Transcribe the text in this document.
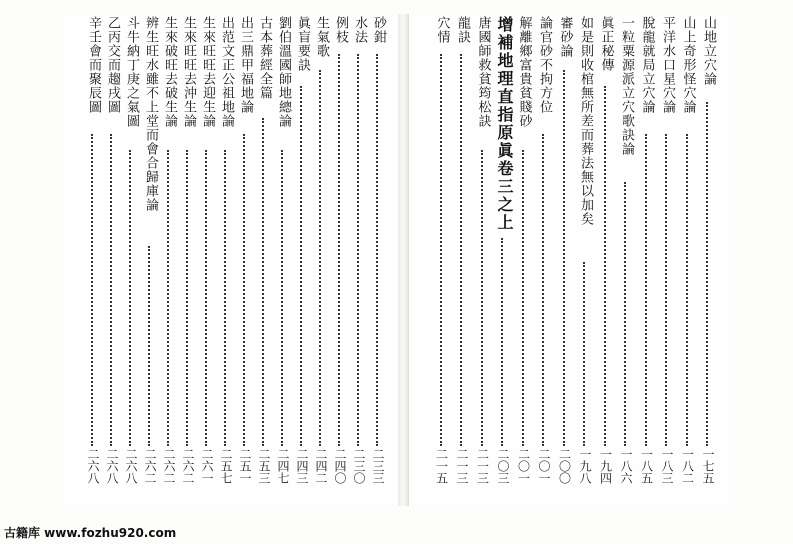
山地立穴論
一七五
山上奇形怪穴論
一八二
平洋水口星穴論
一八三
脫龍就局立穴論
一八五
一粒粟源派立穴歌訣論
一八六
眞正秘傳
一九四
如是則收棺無所差而葬法無以加矣
一九八
審砂論
二〇〇
論官砂不拘方位
二〇一
解離鄉富貴貧賤砂
二〇一
增補地理直指原眞卷三之上
二〇三
唐國師救貧筠松訣
二一三
龍訣
二一三
穴情
二一五
砂鉗
二三三
水法
二三〇
例枝
二四〇
生氣歌
二四二
眞盲要訣
二四三
劉伯溫國師地總論
二四七
古本葬經全篇
二五三
出三鼎甲福地論
二五一
出范文正公祖地論
二五七
生來旺旺去迎生論
二六一
生來旺旺去沖生論
二六二
生來破旺去破生論
二六二
辨生旺水雖不上堂而會合歸庫論
二六二
斗牛納丁庚之氣圖
二六八
乙丙交而趨戌圖
二六八
辛壬會而聚辰圖
二六八
古籍库 www.fozhu920.com
